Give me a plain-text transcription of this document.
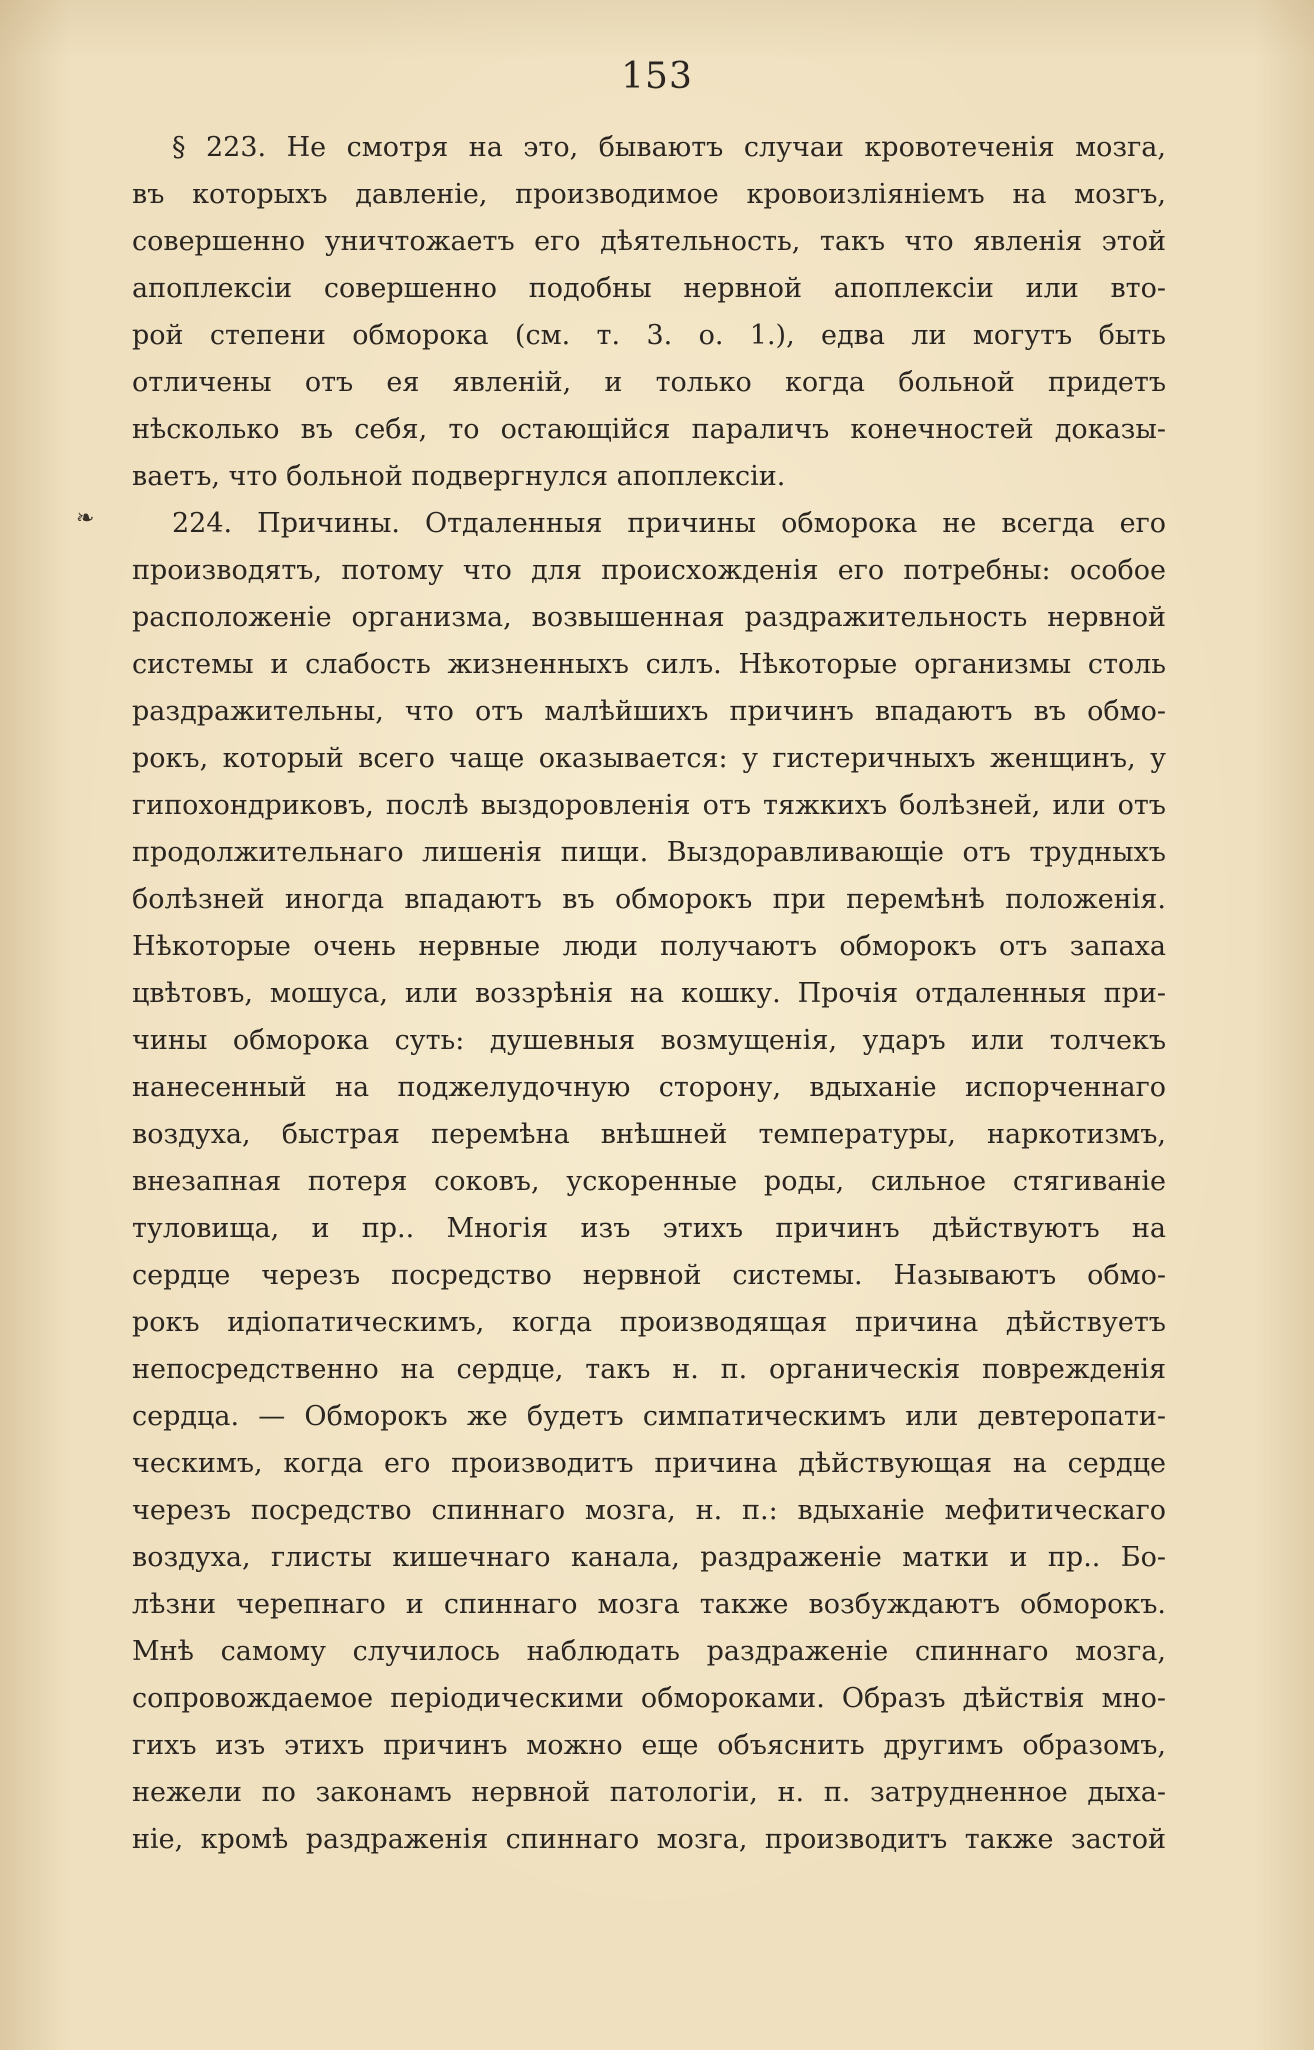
153
❧
§ 223. Не смотря на это, бываютъ случаи кровотеченія мозга,
въ которыхъ давленіе, производимое кровоизліяніемъ на мозгъ,
совершенно уничтожаетъ его дѣятельность, такъ что явленія этой
апоплексіи совершенно подобны нервной апоплексіи или вто-
рой степени обморока (см. т. 3. о. 1.), едва ли могутъ быть
отличены отъ ея явленій, и только когда больной придетъ
нѣсколько въ себя, то остающійся параличъ конечностей доказы-
ваетъ, что больной подвергнулся апоплексіи.
224. Причины. Отдаленныя причины обморока не всегда его
производятъ, потому что для происхожденія его потребны: особое
расположеніе организма, возвышенная раздражительность нервной
системы и слабость жизненныхъ силъ. Нѣкоторые организмы столь
раздражительны, что отъ малѣйшихъ причинъ впадаютъ въ обмо-
рокъ, который всего чаще оказывается: у гистеричныхъ женщинъ, у
гипохондриковъ, послѣ выздоровленія отъ тяжкихъ болѣзней, или отъ
продолжительнаго лишенія пищи. Выздоравливающіе отъ трудныхъ
болѣзней иногда впадаютъ въ обморокъ при перемѣнѣ положенія.
Нѣкоторые очень нервные люди получаютъ обморокъ отъ запаха
цвѣтовъ, мошуса, или воззрѣнія на кошку. Прочія отдаленныя при-
чины обморока суть: душевныя возмущенія, ударъ или толчекъ
нанесенный на поджелудочную сторону, вдыханіе испорченнаго
воздуха, быстрая перемѣна внѣшней температуры, наркотизмъ,
внезапная потеря соковъ, ускоренные роды, сильное стягиваніе
туловища, и пр.. Многія изъ этихъ причинъ дѣйствуютъ на
сердце черезъ посредство нервной системы. Называютъ обмо-
рокъ идіопатическимъ, когда производящая причина дѣйствуетъ
непосредственно на сердце, такъ н. п. органическія поврежденія
сердца. — Обморокъ же будетъ симпатическимъ или девтеропати-
ческимъ, когда его производитъ причина дѣйствующая на сердце
черезъ посредство спиннаго мозга, н. п.: вдыханіе мефитическаго
воздуха, глисты кишечнаго канала, раздраженіе матки и пр.. Бо-
лѣзни черепнаго и спиннаго мозга также возбуждаютъ обморокъ.
Мнѣ самому случилось наблюдать раздраженіе спиннаго мозга,
сопровождаемое періодическими обмороками. Образъ дѣйствія мно-
гихъ изъ этихъ причинъ можно еще объяснить другимъ образомъ,
нежели по законамъ нервной патологіи, н. п. затрудненное дыха-
ніе, кромѣ раздраженія спиннаго мозга, производитъ также застой
